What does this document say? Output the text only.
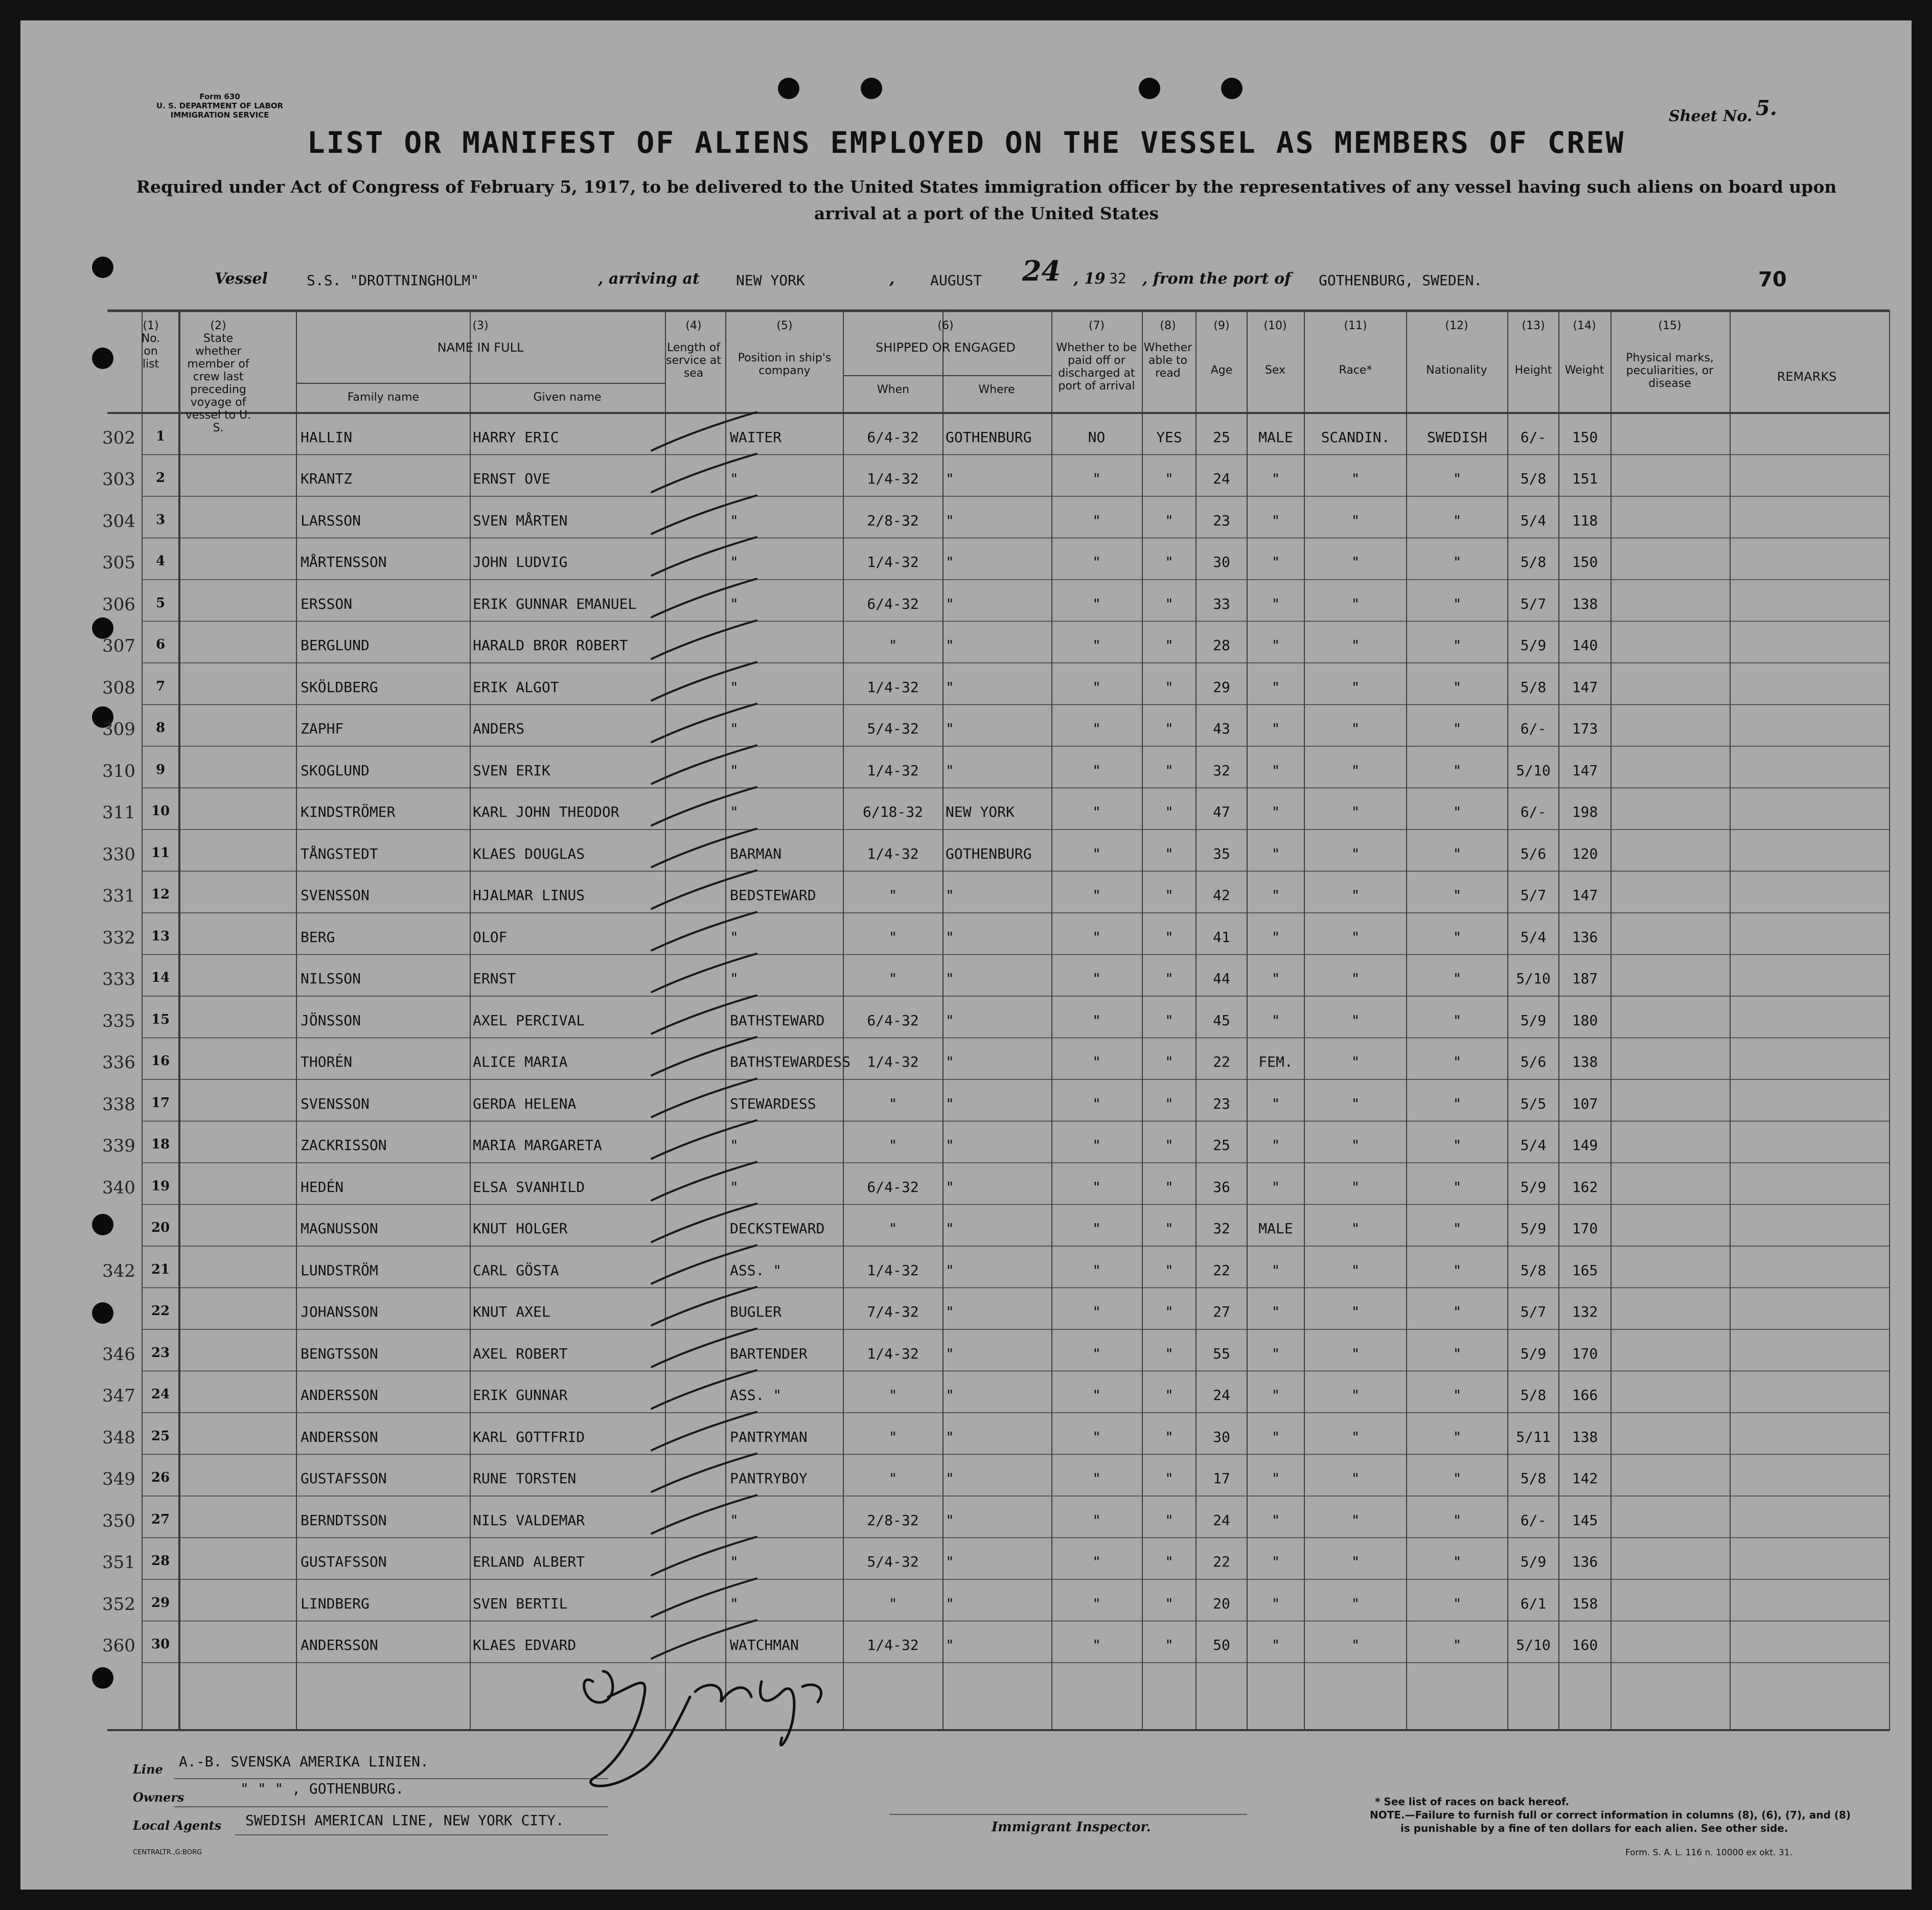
Form 630
U. S. DEPARTMENT OF LABOR
IMMIGRATION SERVICE	Sheet No. 5.
LIST OR MANIFEST OF ALIENS EMPLOYED ON THE VESSEL AS MEMBERS OF CREW
Required under Act of Congress of February 5, 1917, to be delivered to the United States immigration officer by the representatives of any vessel having such aliens on board upon arrival at a port of the United States
Vessel	S.S. "DROTTNINGHOLM"	, arriving at	NEW YORK	, AUGUST 24 , 19 32 , from the port of GOTHENBURG, SWEDEN.	70
(1)
No. on list
(2)
State whether member of crew last preceding voyage of vessel to U. S.
(3)
NAME IN FULL
Family name	Given name
(4)
Length of service at sea
(5)
Position in ship's company
(6)
SHIPPED OR ENGAGED
When	Where
(7)
Whether to be paid off or discharged at port of arrival
(8)
Whether able to read
(9)
Age
(10)
Sex
(11)
Race*
(12)
Nationality
(13)
Height
(14)
Weight
(15)
Physical marks, peculiarities, or disease	REMARKS
302	1	HALLIN	HARRY ERIC	WAITER	6/4-32	GOTHENBURG	NO	YES	25	MALE	SCANDIN.	SWEDISH	6/-	150
303	2	KRANTZ	ERNST OVE	"	1/4-32	"	"	"	24	"	"	"	5/8	151
304	3	LARSSON	SVEN MÅRTEN	"	2/8-32	"	"	"	23	"	"	"	5/4	118
305	4	MÅRTENSSON	JOHN LUDVIG	"	1/4-32	"	"	"	30	"	"	"	5/8	150
306	5	ERSSON	ERIK GUNNAR EMANUEL	"	6/4-32	"	"	"	33	"	"	"	5/7	138
307	6	BERGLUND	HARALD BROR ROBERT	"	"	"	"	28	"	"	"	5/9	140
308	7	SKÖLDBERG	ERIK ALGOT	"	1/4-32	"	"	"	29	"	"	"	5/8	147
309	8	ZAPHF	ANDERS	"	5/4-32	"	"	"	43	"	"	"	6/-	173
310	9	SKOGLUND	SVEN ERIK	"	1/4-32	"	"	"	32	"	"	"	5/10	147
311	10	KINDSTRÖMER	KARL JOHN THEODOR	"	6/18-32	NEW YORK	"	"	47	"	"	"	6/-	198
330	11	TÅNGSTEDT	KLAES DOUGLAS	BARMAN	1/4-32	GOTHENBURG	"	"	35	"	"	"	5/6	120
331	12	SVENSSON	HJALMAR LINUS	BEDSTEWARD	"	"	"	"	42	"	"	"	5/7	147
332	13	BERG	OLOF	"	"	"	"	"	41	"	"	"	5/4	136
333	14	NILSSON	ERNST	"	"	"	"	"	44	"	"	"	5/10	187
335	15	JÖNSSON	AXEL PERCIVAL	BATHSTEWARD	6/4-32	"	"	"	45	"	"	"	5/9	180
336	16	THORÉN	ALICE MARIA	BATHSTEWARDESS	1/4-32	"	"	"	22	FEM.	"	"	5/6	138
338	17	SVENSSON	GERDA HELENA	STEWARDESS	"	"	"	"	23	"	"	"	5/5	107
339	18	ZACKRISSON	MARIA MARGARETA	"	"	"	"	"	25	"	"	"	5/4	149
340	19	HEDÉN	ELSA SVANHILD	"	6/4-32	"	"	"	36	"	"	"	5/9	162
20	MAGNUSSON	KNUT HOLGER	DECKSTEWARD	"	"	"	"	32	MALE	"	"	5/9	170
342	21	LUNDSTRÖM	CARL GÖSTA	ASS. "	1/4-32	"	"	"	22	"	"	"	5/8	165
22	JOHANSSON	KNUT AXEL	BUGLER	7/4-32	"	"	"	27	"	"	"	5/7	132
346	23	BENGTSSON	AXEL ROBERT	BARTENDER	1/4-32	"	"	"	55	"	"	"	5/9	170
347	24	ANDERSSON	ERIK GUNNAR	ASS. "	"	"	"	"	24	"	"	"	5/8	166
348	25	ANDERSSON	KARL GOTTFRID	PANTRYMAN	"	"	"	"	30	"	"	"	5/11	138
349	26	GUSTAFSSON	RUNE TORSTEN	PANTRYBOY	"	"	"	"	17	"	"	"	5/8	142
350	27	BERNDTSSON	NILS VALDEMAR	"	2/8-32	"	"	"	24	"	"	"	6/-	145
351	28	GUSTAFSSON	ERLAND ALBERT	"	5/4-32	"	"	"	22	"	"	"	5/9	136
352	29	LINDBERG	SVEN BERTIL	"	"	"	"	"	20	"	"	"	6/1	158
360	30	ANDERSSON	KLAES EDVARD	WATCHMAN	1/4-32	"	"	"	50	"	"	"	5/10	160
Line A.-B. SVENSKA AMERIKA LINIEN.
Owners
" " " , GOTHENBURG.
Local Agents SWEDISH AMERICAN LINE, NEW YORK CITY.	Immigrant Inspector.
* See list of races on back hereof.
NOTE.—Failure to furnish full or correct information in columns (8), (6), (7), and (8)
is punishable by a fine of ten dollars for each alien. See other side.
Form. S. A. L. 116 n. 10000 ex okt. 31.
CENTRALTR.,G:BORG
